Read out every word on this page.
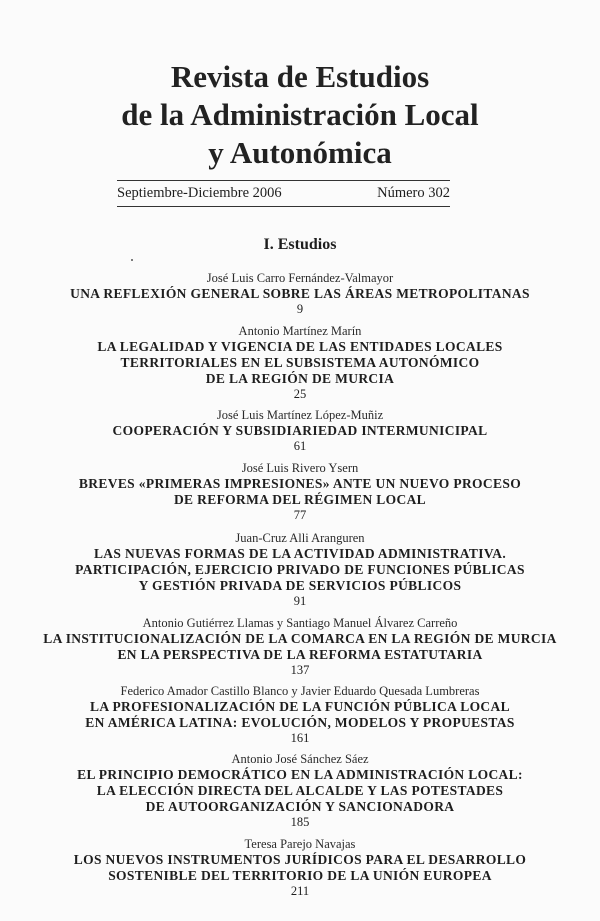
Revista de Estudios
de la Administración Local
y Autonómica
Septiembre-Diciembre 2006	Número 302
I. Estudios
José Luis Carro Fernández-Valmayor
UNA REFLEXIÓN GENERAL SOBRE LAS ÁREAS METROPOLITANAS
9
Antonio Martínez Marín
LA LEGALIDAD Y VIGENCIA DE LAS ENTIDADES LOCALES
TERRITORIALES EN EL SUBSISTEMA AUTONÓMICO
DE LA REGIÓN DE MURCIA
25
José Luis Martínez López-Muñiz
COOPERACIÓN Y SUBSIDIARIEDAD INTERMUNICIPAL
61
José Luis Rivero Ysern
BREVES «PRIMERAS IMPRESIONES» ANTE UN NUEVO PROCESO
DE REFORMA DEL RÉGIMEN LOCAL
77
Juan-Cruz Alli Aranguren
LAS NUEVAS FORMAS DE LA ACTIVIDAD ADMINISTRATIVA.
PARTICIPACIÓN, EJERCICIO PRIVADO DE FUNCIONES PÚBLICAS
Y GESTIÓN PRIVADA DE SERVICIOS PÚBLICOS
91
Antonio Gutiérrez Llamas y Santiago Manuel Álvarez Carreño
LA INSTITUCIONALIZACIÓN DE LA COMARCA EN LA REGIÓN DE MURCIA
EN LA PERSPECTIVA DE LA REFORMA ESTATUTARIA
137
Federico Amador Castillo Blanco y Javier Eduardo Quesada Lumbreras
LA PROFESIONALIZACIÓN DE LA FUNCIÓN PÚBLICA LOCAL
EN AMÉRICA LATINA: EVOLUCIÓN, MODELOS Y PROPUESTAS
161
Antonio José Sánchez Sáez
EL PRINCIPIO DEMOCRÁTICO EN LA ADMINISTRACIÓN LOCAL:
LA ELECCIÓN DIRECTA DEL ALCALDE Y LAS POTESTADES
DE AUTOORGANIZACIÓN Y SANCIONADORA
185
Teresa Parejo Navajas
LOS NUEVOS INSTRUMENTOS JURÍDICOS PARA EL DESARROLLO
SOSTENIBLE DEL TERRITORIO DE LA UNIÓN EUROPEA
211
